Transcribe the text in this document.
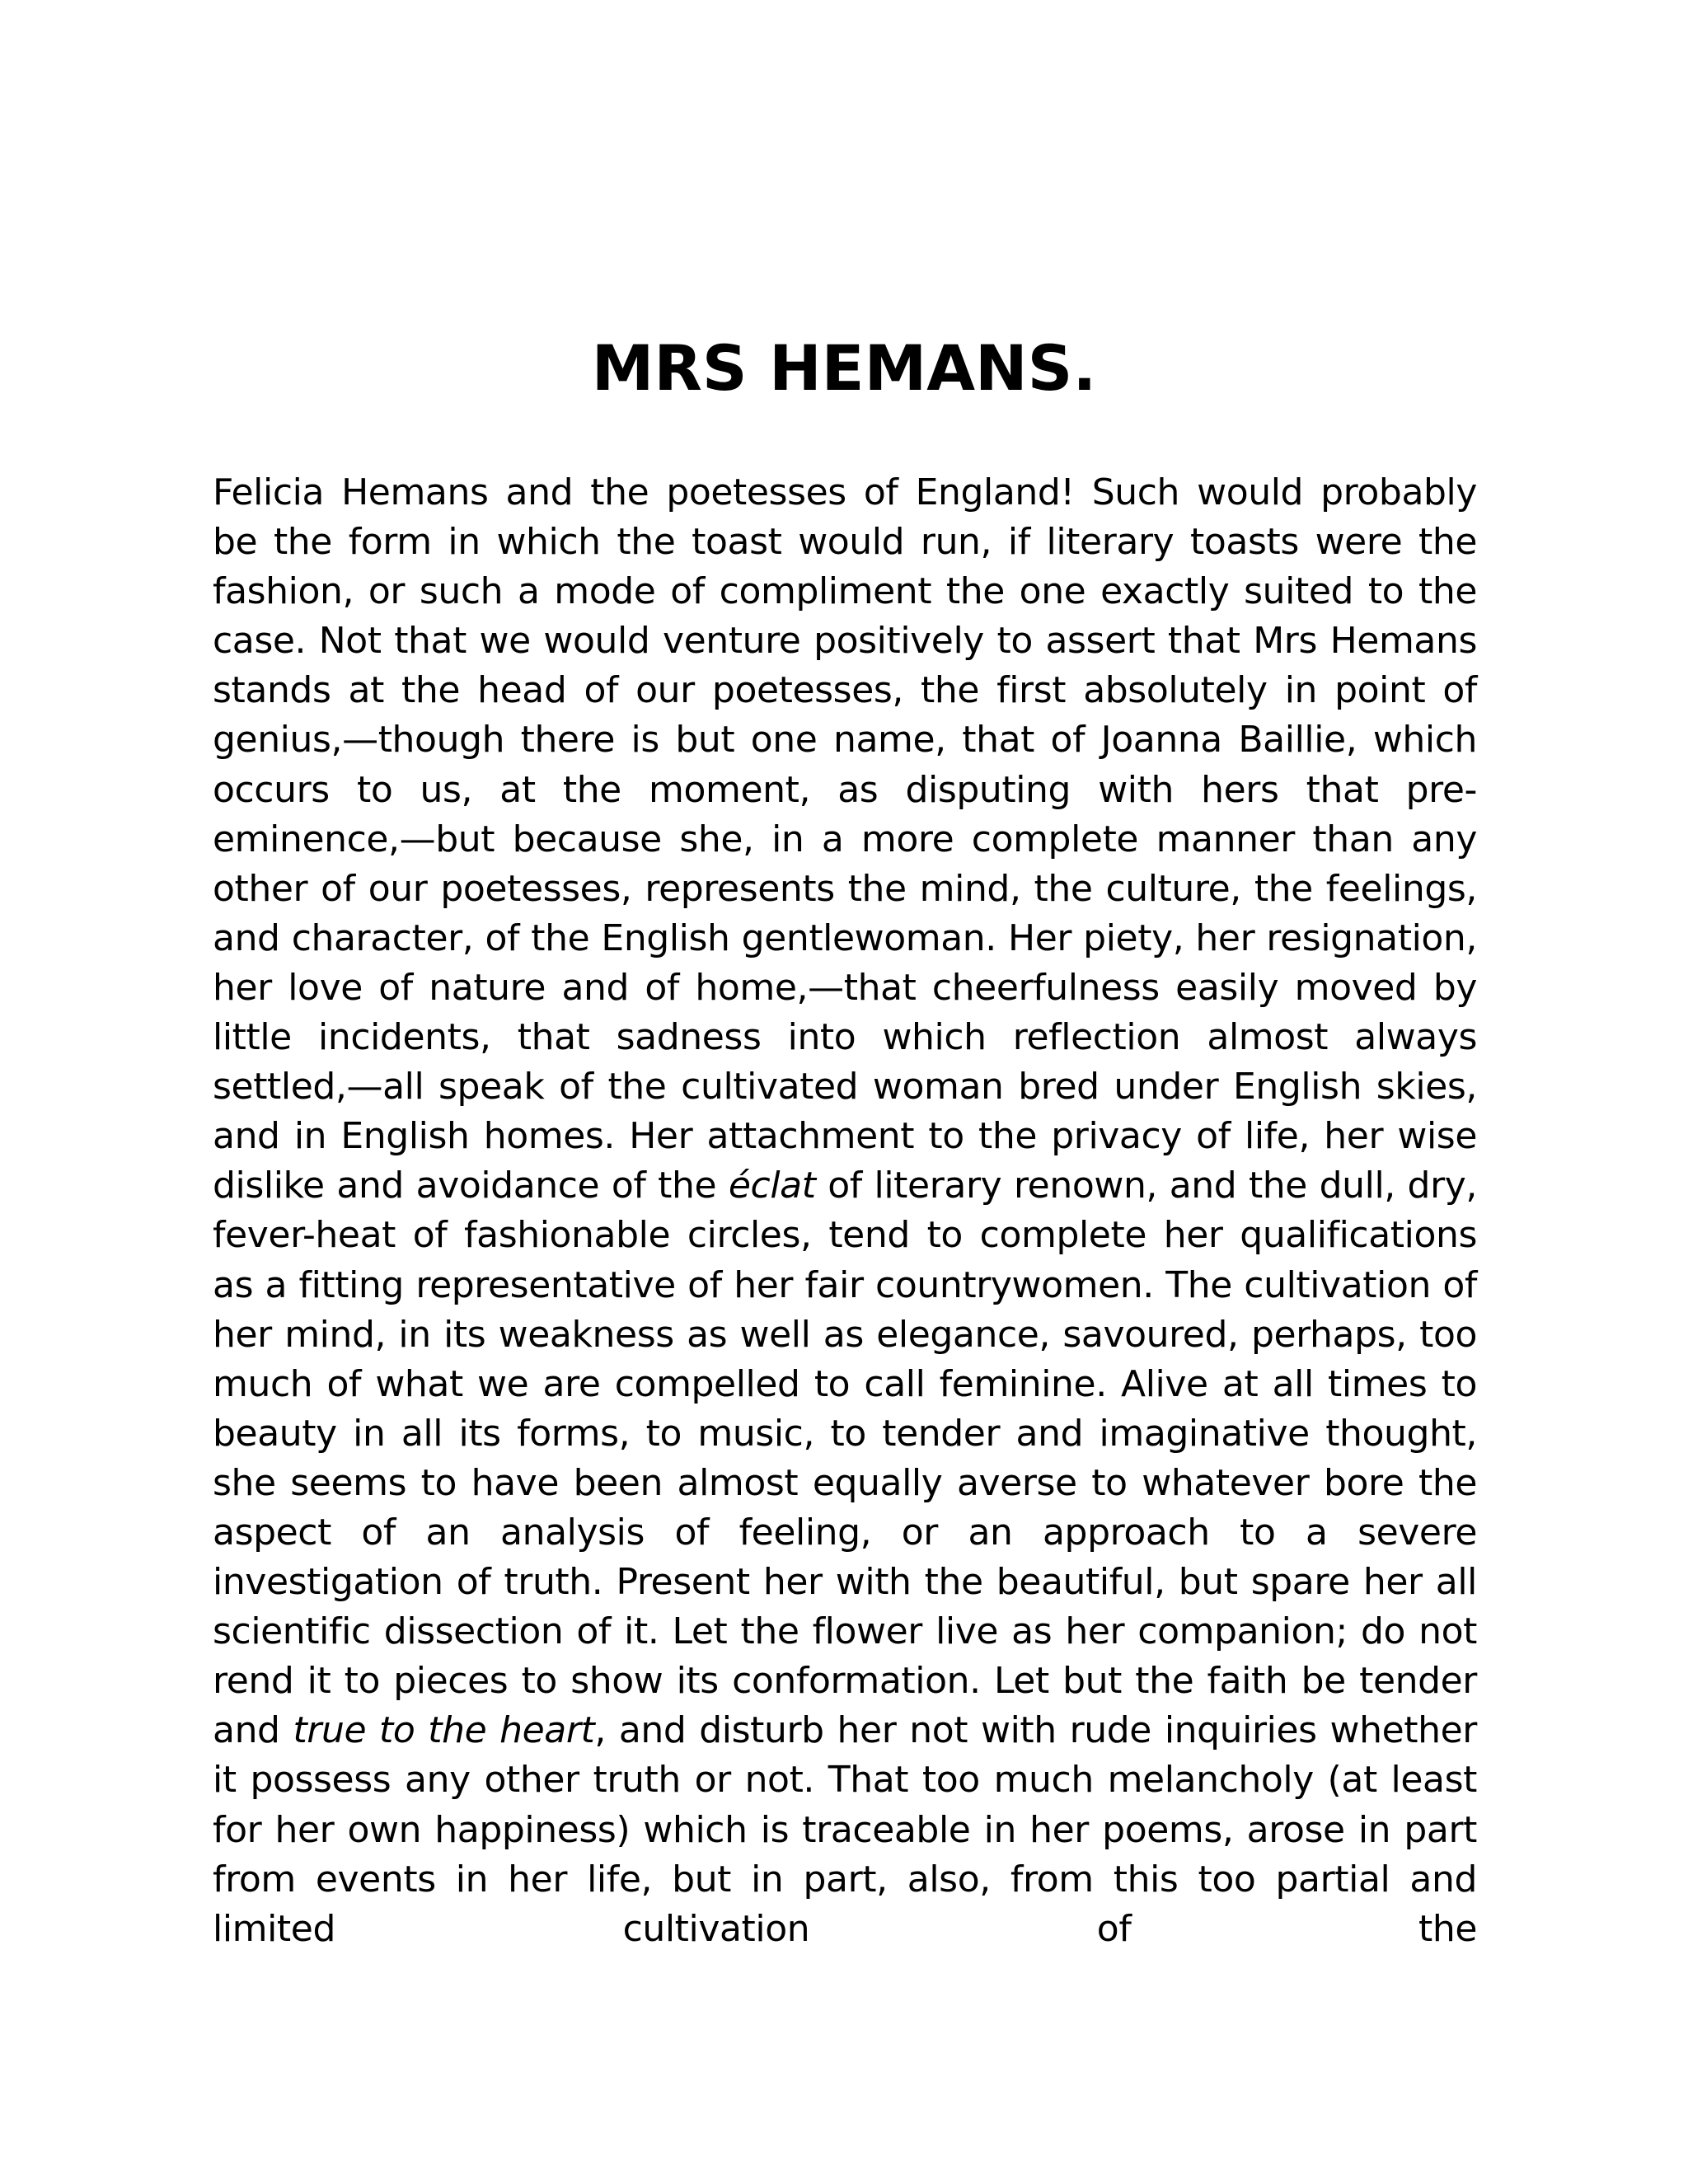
MRS HEMANS.

Felicia Hemans and the poetesses of England! Such would probably be the form in which the toast would run, if literary toasts were the fashion, or such a mode of compliment the one exactly suited to the case. Not that we would venture positively to assert that Mrs Hemans stands at the head of our poetesses, the first absolutely in point of genius,—though there is but one name, that of Joanna Baillie, which occurs to us, at the moment, as disputing with hers that pre-eminence,—but because she, in a more complete manner than any other of our poetesses, represents the mind, the culture, the feelings, and character, of the English gentlewoman. Her piety, her resignation, her love of nature and of home,—that cheerfulness easily moved by little incidents, that sadness into which reflection almost always settled,—all speak of the cultivated woman bred under English skies, and in English homes. Her attachment to the privacy of life, her wise dislike and avoidance of the éclat of literary renown, and the dull, dry, fever-heat of fashionable circles, tend to complete her qualifications as a fitting representative of her fair countrywomen. The cultivation of her mind, in its weakness as well as elegance, savoured, perhaps, too much of what we are compelled to call feminine. Alive at all times to beauty in all its forms, to music, to tender and imaginative thought, she seems to have been almost equally averse to whatever bore the aspect of an analysis of feeling, or an approach to a severe investigation of truth. Present her with the beautiful, but spare her all scientific dissection of it. Let the flower live as her companion; do not rend it to pieces to show its conformation. Let but the faith be tender and true to the heart, and disturb her not with rude inquiries whether it possess any other truth or not. That too much melancholy (at least for her own happiness) which is traceable in her poems, arose in part from events in her life, but in part, also, from this too partial and limited cultivation of the
